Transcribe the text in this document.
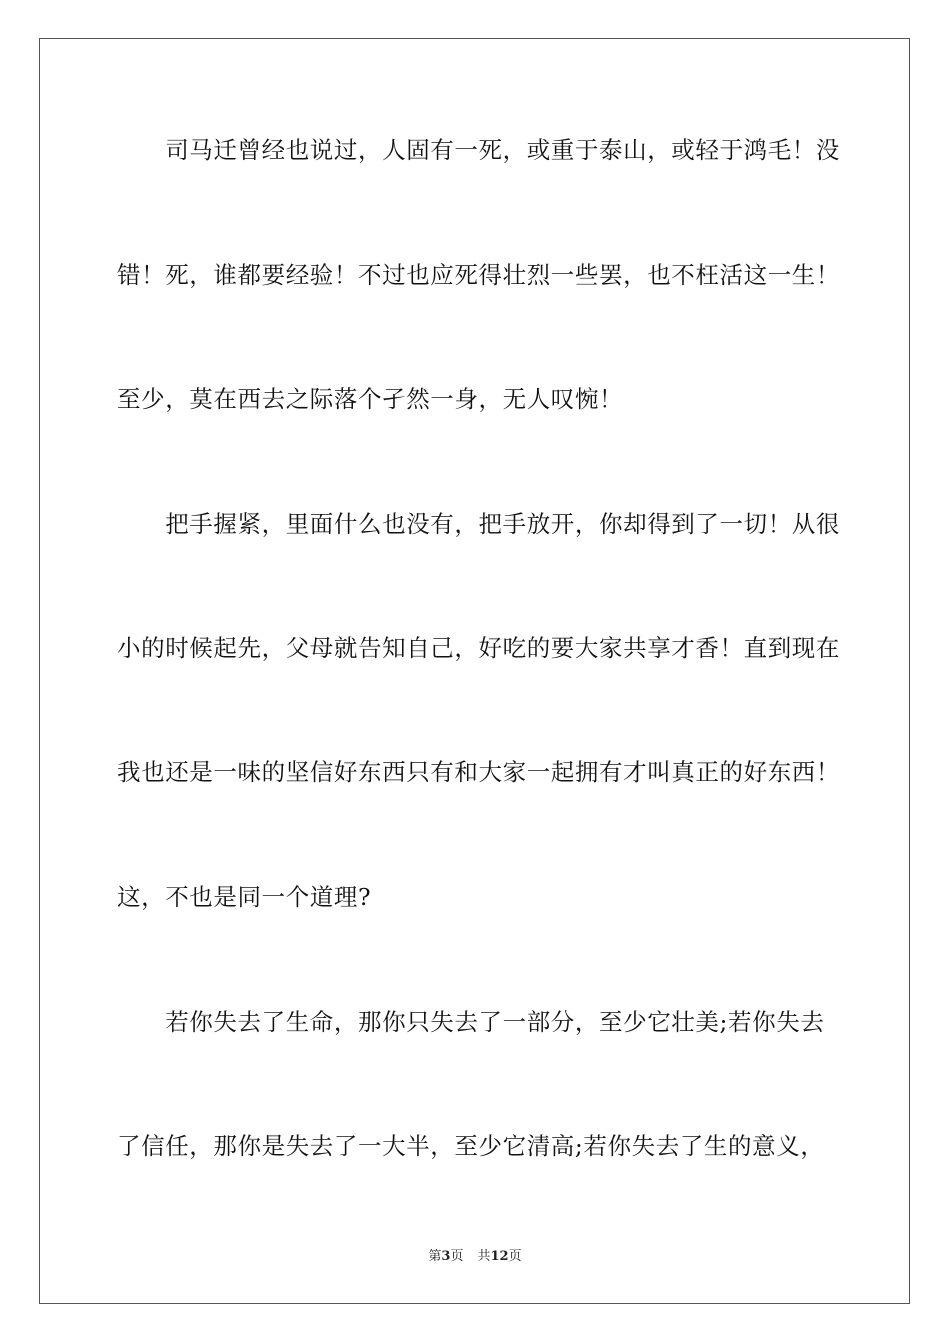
　　司马迁曾经也说过，人固有一死，或重于泰山，或轻于鸿毛！没
错！死，谁都要经验！不过也应死得壮烈一些罢，也不枉活这一生！
至少，莫在西去之际落个孑然一身，无人叹惋！
　　把手握紧，里面什么也没有，把手放开，你却得到了一切！从很
小的时候起先，父母就告知自己，好吃的要大家共享才香！直到现在
我也还是一味的坚信好东西只有和大家一起拥有才叫真正的好东西！
这，不也是同一个道理?
　　若你失去了生命，那你只失去了一部分，至少它壮美;若你失去
了信任，那你是失去了一大半，至少它清高;若你失去了生的意义，
第3页 共12页
